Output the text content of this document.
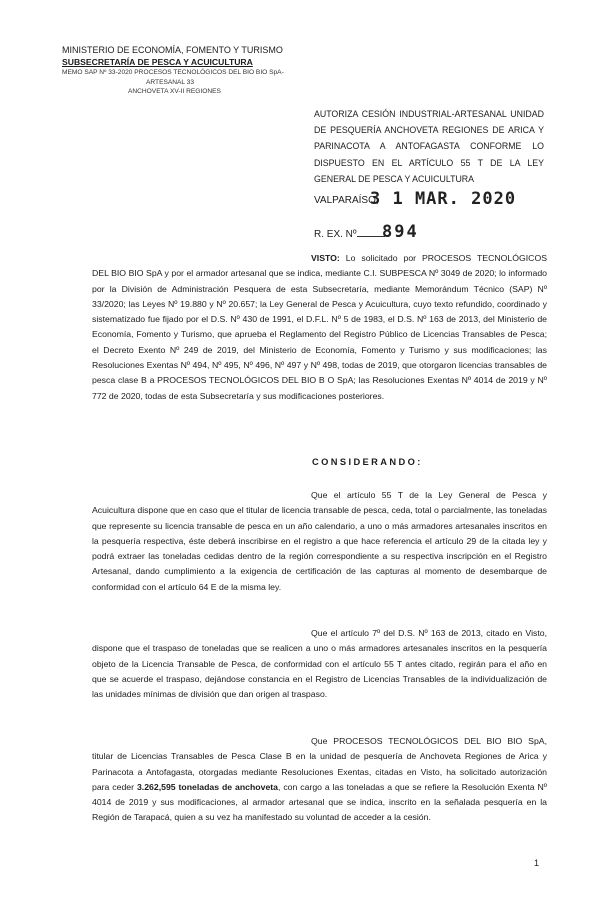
MINISTERIO DE ECONOMÍA, FOMENTO Y TURISMO
SUBSECRETARÍA DE PESCA Y ACUICULTURA
MEMO SAP Nº 33-2020 PROCESOS TECNOLÓGICOS DEL BIO BIO SpA-
ARTESANAL 33
ANCHOVETA XV-II REGIONES
AUTORIZA CESIÓN INDUSTRIAL-ARTESANAL UNIDAD DE PESQUERÍA ANCHOVETA REGIONES DE ARICA Y PARINACOTA A ANTOFAGASTA CONFORME LO DISPUESTO EN EL ARTÍCULO 55 T DE LA LEY GENERAL DE PESCA Y ACUICULTURA
VALPARAÍSO,
3 1 MAR. 2020
R. EX. Nº 894
VISTO: Lo solicitado por PROCESOS TECNOLÓGICOS DEL BIO BIO SpA y por el armador artesanal que se indica, mediante C.I. SUBPESCA Nº 3049 de 2020; lo informado por la División de Administración Pesquera de esta Subsecretaría, mediante Memorándum Técnico (SAP) Nº 33/2020; las Leyes Nº 19.880 y Nº 20.657; la Ley General de Pesca y Acuicultura, cuyo texto refundido, coordinado y sistematizado fue fijado por el D.S. Nº 430 de 1991, el D.F.L. Nº 5 de 1983, el D.S. Nº 163 de 2013, del Ministerio de Economía, Fomento y Turismo, que aprueba el Reglamento del Registro Público de Licencias Transables de Pesca; el Decreto Exento Nº 249 de 2019, del Ministerio de Economía, Fomento y Turismo y sus modificaciones; las Resoluciones Exentas Nº 494, Nº 495, Nº 496, Nº 497 y Nº 498, todas de 2019, que otorgaron licencias transables de pesca clase B a PROCESOS TECNOLÓGICOS DEL BIO B O SpA; las Resoluciones Exentas Nº 4014 de 2019 y Nº 772 de 2020, todas de esta Subsecretaría y sus modificaciones posteriores.
CONSIDERANDO:
Que el artículo 55 T de la Ley General de Pesca y Acuicultura dispone que en caso que el titular de licencia transable de pesca, ceda, total o parcialmente, las toneladas que represente su licencia transable de pesca en un año calendario, a uno o más armadores artesanales inscritos en la pesquería respectiva, éste deberá inscribirse en el registro a que hace referencia el artículo 29 de la citada ley y podrá extraer las toneladas cedidas dentro de la región correspondiente a su respectiva inscripción en el Registro Artesanal, dando cumplimiento a la exigencia de certificación de las capturas al momento de desembarque de conformidad con el artículo 64 E de la misma ley.
Que el artículo 7º del D.S. Nº 163 de 2013, citado en Visto, dispone que el traspaso de toneladas que se realicen a uno o más armadores artesanales inscritos en la pesquería objeto de la Licencia Transable de Pesca, de conformidad con el artículo 55 T antes citado, regirán para el año en que se acuerde el traspaso, dejándose constancia en el Registro de Licencias Transables de la individualización de las unidades mínimas de división que dan origen al traspaso.
Que PROCESOS TECNOLÓGICOS DEL BIO BIO SpA, titular de Licencias Transables de Pesca Clase B en la unidad de pesquería de Anchoveta Regiones de Arica y Parinacota a Antofagasta, otorgadas mediante Resoluciones Exentas, citadas en Visto, ha solicitado autorización para ceder 3.262,595 toneladas de anchoveta, con cargo a las toneladas a que se refiere la Resolución Exenta Nº 4014 de 2019 y sus modificaciones, al armador artesanal que se indica, inscrito en la señalada pesquería en la Región de Tarapacá, quien a su vez ha manifestado su voluntad de acceder a la cesión.
1
